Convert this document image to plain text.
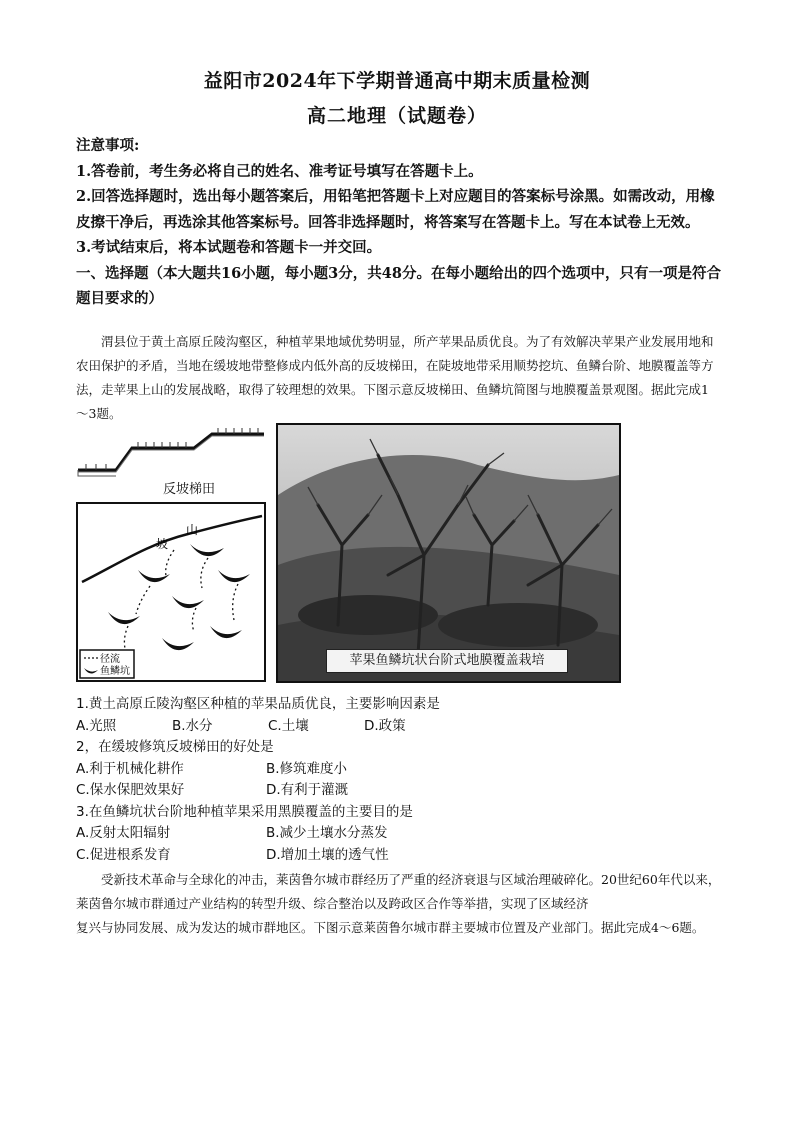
益阳市2024年下学期普通高中期末质量检测
高二地理（试题卷）

注意事项:

1.答卷前，考生务必将自己的姓名、准考证号填写在答题卡上。

2.回答选择题时，选出每小题答案后，用铅笔把答题卡上对应题目的答案标号涂黑。如需改动，用橡皮擦干净后，再选涂其他答案标号。回答非选择题时，将答案写在答题卡上。写在本试卷上无效。

3.考试结束后，将本试题卷和答题卡一并交回。

一、选择题（本大题共16小题，每小题3分，共48分。在每小题给出的四个选项中，只有一项是符合题目要求的）

渭县位于黄土高原丘陵沟壑区，种植苹果地域优势明显，所产苹果品质优良。为了有效解决苹果产业发展用地和农田保护的矛盾，当地在缓坡地带整修成内低外高的反坡梯田，在陡坡地带采用顺势挖坑、鱼鳞台阶、地膜覆盖等方法，走苹果上山的发展战略，取得了较理想的效果。下图示意反坡梯田、鱼鳞坑简图与地膜覆盖景观图。据此完成1～3题。

反坡梯田
坡
山
径流
鱼鳞坑
苹果鱼鳞坑状台阶式地膜覆盖栽培
1.黄土高原丘陵沟壑区种植的苹果品质优良，主要影响因素是
A.光照	B.水分	C.土壤	D.政策
2，在缓坡修筑反坡梯田的好处是
A.利于机械化耕作	B.修筑难度小
C.保水保肥效果好	D.有利于灌溉
3.在鱼鳞坑状台阶地种植苹果采用黑膜覆盖的主要目的是
A.反射太阳辐射	B.减少土壤水分蒸发
C.促进根系发育	D.增加土壤的透气性

受新技术革命与全球化的冲击，莱茵鲁尔城市群经历了严重的经济衰退与区域治理破碎化。20世纪60年代以来，莱茵鲁尔城市群通过产业结构的转型升级、综合整治以及跨政区合作等举措，实现了区域经济

复兴与协同发展、成为发达的城市群地区。下图示意莱茵鲁尔城市群主要城市位置及产业部门。据此完成4～6题。
